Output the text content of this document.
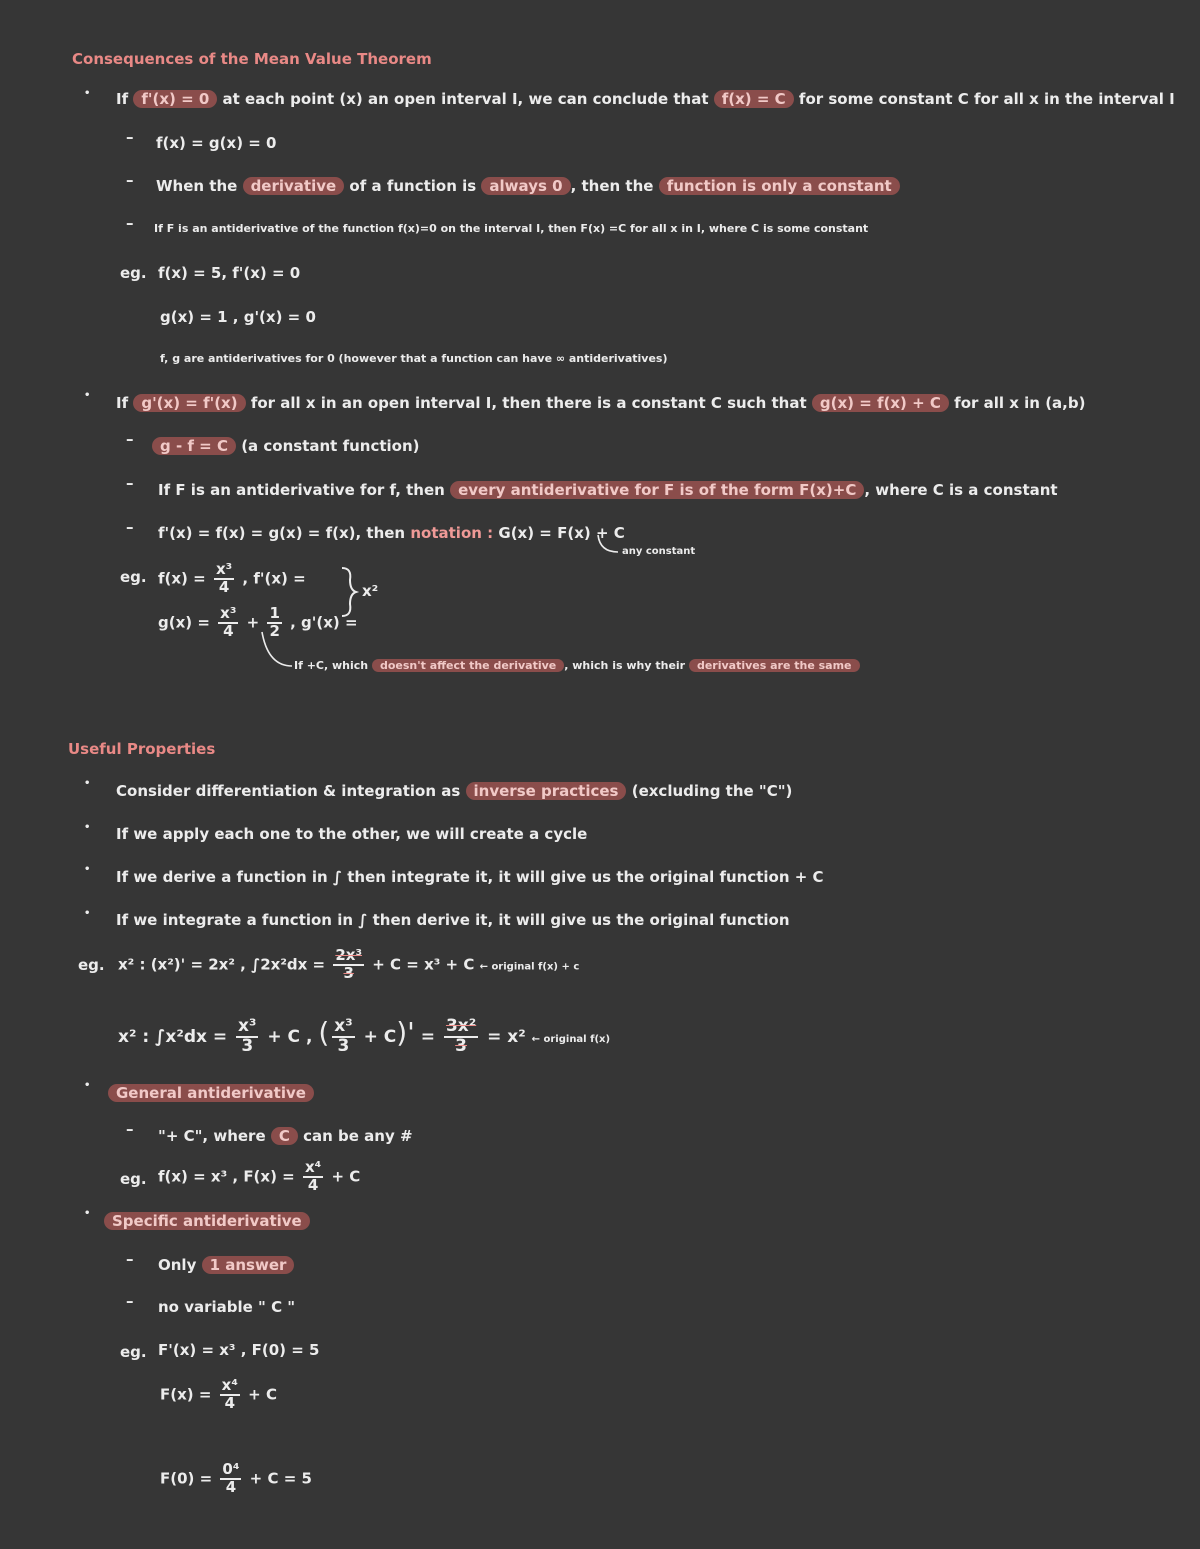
Consequences of the Mean Value Theorem
• If f'(x) = 0 at each point (x) an open interval I, we can conclude that f(x) = C for some constant C for all x in the interval I
– f(x) = g(x) = 0
– When the derivative of a function is always 0 , then the function is only a constant
– If F is an antiderivative of the function f(x)=0 on the interval I, then F(x) =C for all x in I, where C is some constant
eg. f(x) = 5, f'(x) = 0
g(x) = 1 , g'(x) = 0
f, g are antiderivatives for 0 (however that a function can have ∞ antiderivatives)
• If g'(x) = f'(x) for all x in an open interval I, then there is a constant C such that g(x) = f(x) + C for all x in (a,b)
–	g - f = C (a constant function)
– If F is an antiderivative for f, then every antiderivative for F is of the form F(x)+C , where C is a constant
– f'(x) = f(x) = g(x) = f(x), then notation : G(x) = F(x) + C
any constant
eg. $f(x) = \frac{\text{x³}}{4}$ , f'(x) =
$g(x) = \frac{\text{x³}}{4} + \frac{1}{2}$ , g'(x) =
x²
If +C, which doesn't affect the derivative , which is why their derivatives are the same
Useful Properties
• Consider differentiation & integration as inverse practices (excluding the "C")
• If we apply each one to the other, we will create a cycle
• If we derive a function in ∫ then integrate it, it will give us the original function + C
• If we integrate a function in ∫ then derive it, it will give us the original function
eg. x² : (x²)' = 2x² , $\int 2x^2dx = \frac{\text{2x³}}{3} + C = x^3 + C$ ← original f(x) + c
x² : $\int x^2dx = \frac{\text{x³}}{3} + C$ , ( $\frac{\text{x³}}{3} + C)' = \frac{\text{3x²}}{3} = x^2$ ← original f(x)
•	General antiderivative
– "+ C", where C can be any #
eg. f(x) = x³ , $F(x) = \frac{\text{x⁴}}{4} + C$
•	Specific antiderivative
– Only 1 answer
– no variable " C "
eg. F'(x) = x³ , F(0) = 5
$F(x) = \frac{\text{x⁴}}{4} + C$
$F(0) = \frac{\text{0⁴}}{4} + C = 5$
